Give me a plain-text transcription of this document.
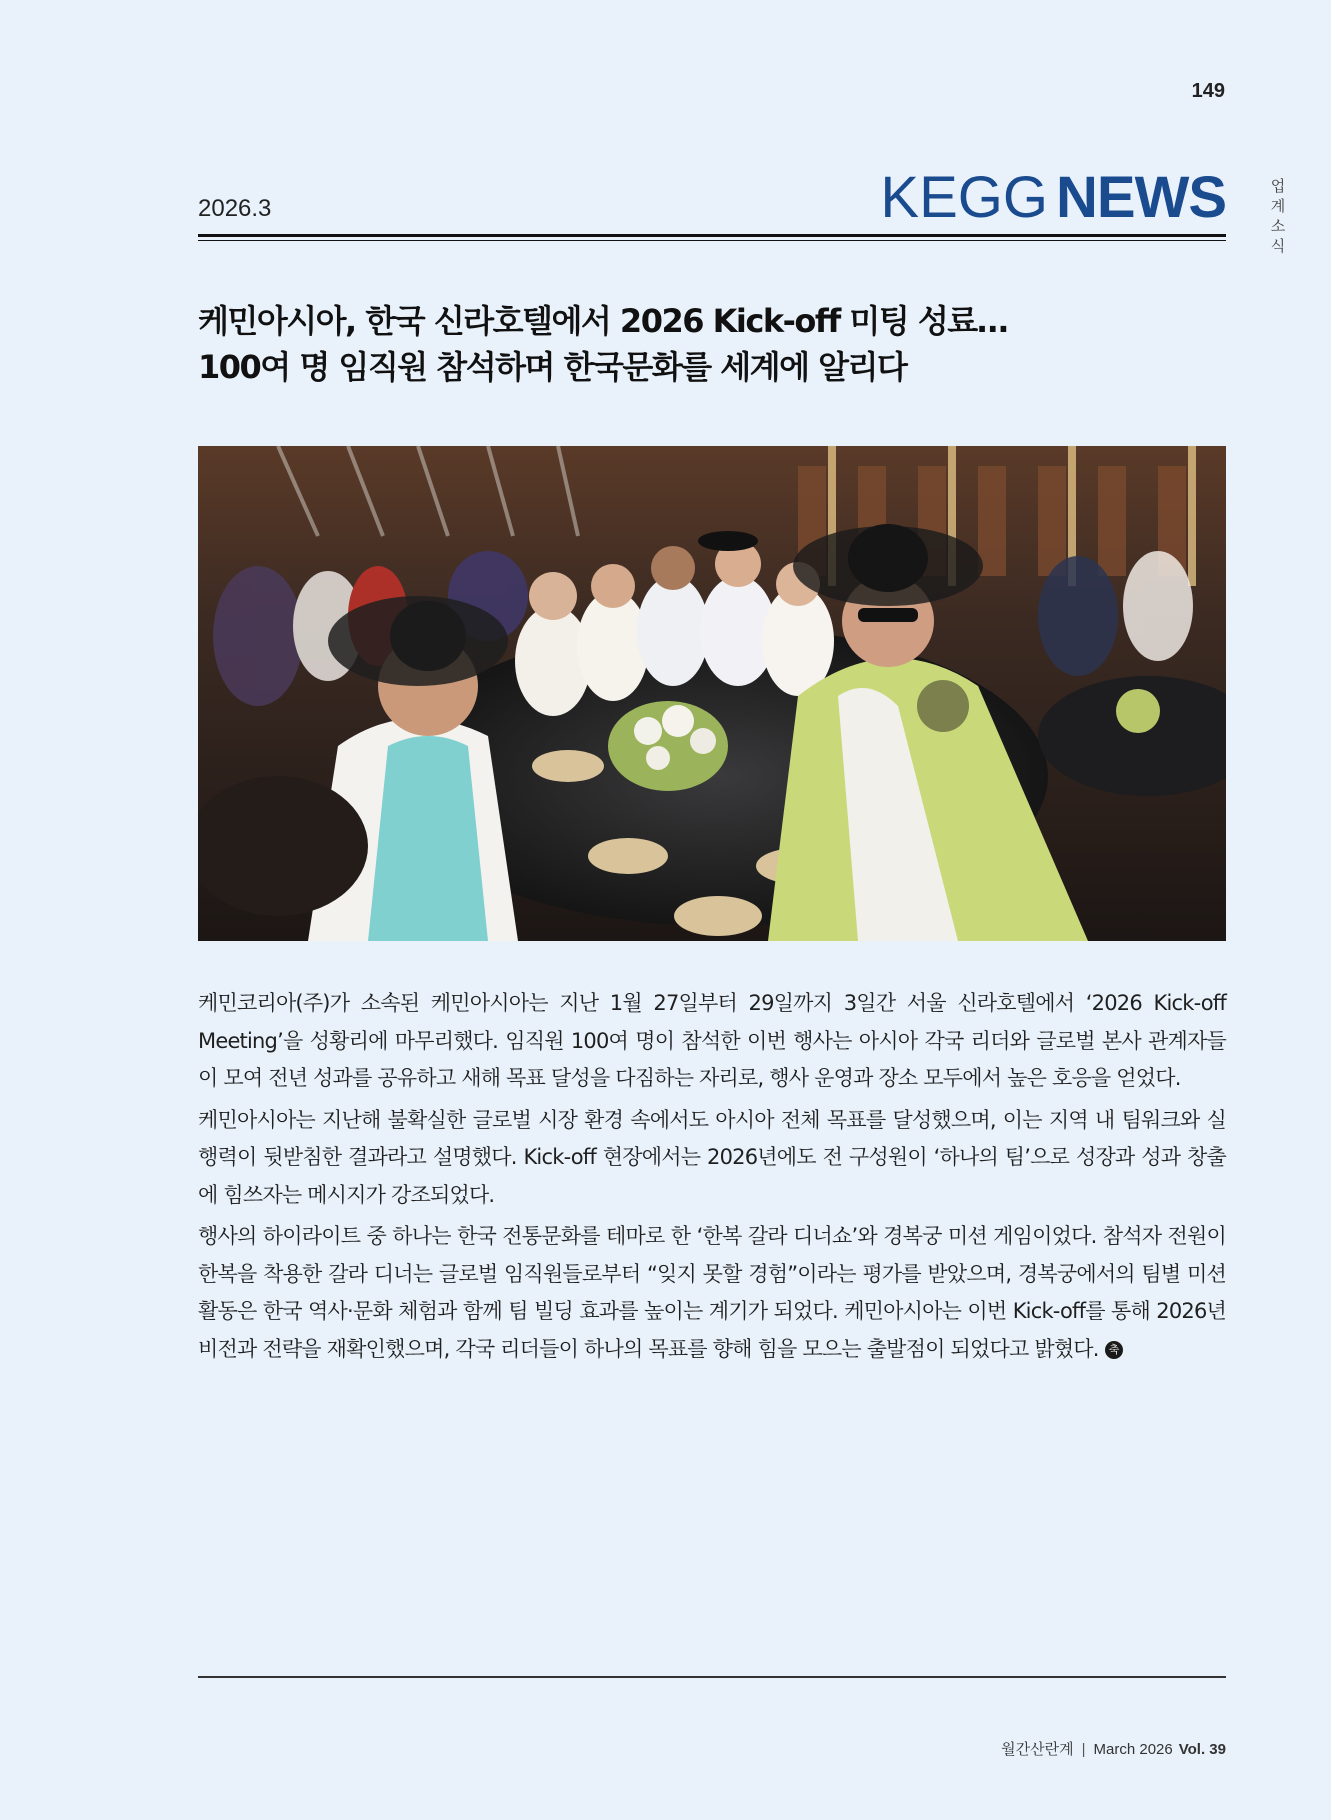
149
업계 소식
2026.3	KEGG NEWS
케민아시아, 한국 신라호텔에서 2026 Kick-off 미팅 성료…
100여 명 임직원 참석하며 한국문화를 세계에 알리다

케민코리아(주)가 소속된 케민아시아는 지난 1월 27일부터 29일까지 3일간 서울 신라호텔에서 ‘2026 Kick-off Meeting’을 성황리에 마무리했다. 임직원 100여 명이 참석한 이번 행사는 아시아 각국 리더와 글로벌 본사 관계자들이 모여 전년 성과를 공유하고 새해 목표 달성을 다짐하는 자리로, 행사 운영과 장소 모두에서 높은 호응을 얻었다.

케민아시아는 지난해 불확실한 글로벌 시장 환경 속에서도 아시아 전체 목표를 달성했으며, 이는 지역 내 팀워크와 실행력이 뒷받침한 결과라고 설명했다. Kick-off 현장에서는 2026년에도 전 구성원이 ‘하나의 팀’으로 성장과 성과 창출에 힘쓰자는 메시지가 강조되었다.

행사의 하이라이트 중 하나는 한국 전통문화를 테마로 한 ‘한복 갈라 디너쇼’와 경복궁 미션 게임이었다. 참석자 전원이 한복을 착용한 갈라 디너는 글로벌 임직원들로부터 “잊지 못할 경험”이라는 평가를 받았으며, 경복궁에서의 팀별 미션 활동은 한국 역사·문화 체험과 함께 팀 빌딩 효과를 높이는 계기가 되었다. 케민아시아는 이번 Kick-off를 통해 2026년 비전과 전략을 재확인했으며, 각국 리더들이 하나의 목표를 향해 힘을 모으는 출발점이 되었다고 밝혔다. 축

월간산란계 | March 2026 Vol. 39
